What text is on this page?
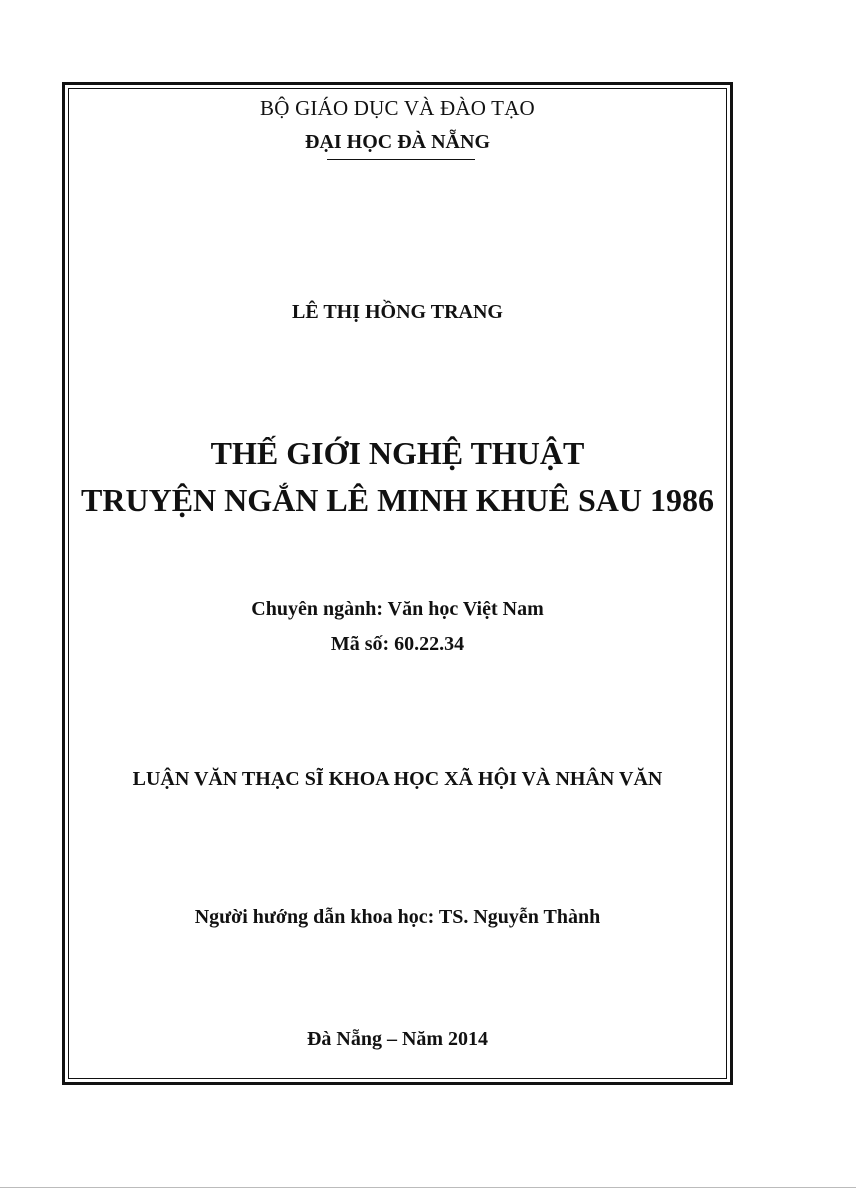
BỘ GIÁO DỤC VÀ ĐÀO TẠO
ĐẠI HỌC ĐÀ NẴNG
LÊ THỊ HỒNG TRANG
THẾ GIỚI NGHỆ THUẬT
TRUYỆN NGẮN LÊ MINH KHUÊ SAU 1986
Chuyên ngành: Văn học Việt Nam
Mã số: 60.22.34
LUẬN VĂN THẠC SĨ KHOA HỌC XÃ HỘI VÀ NHÂN VĂN
Người hướng dẫn khoa học: TS. Nguyễn Thành
Đà Nẵng – Năm 2014
